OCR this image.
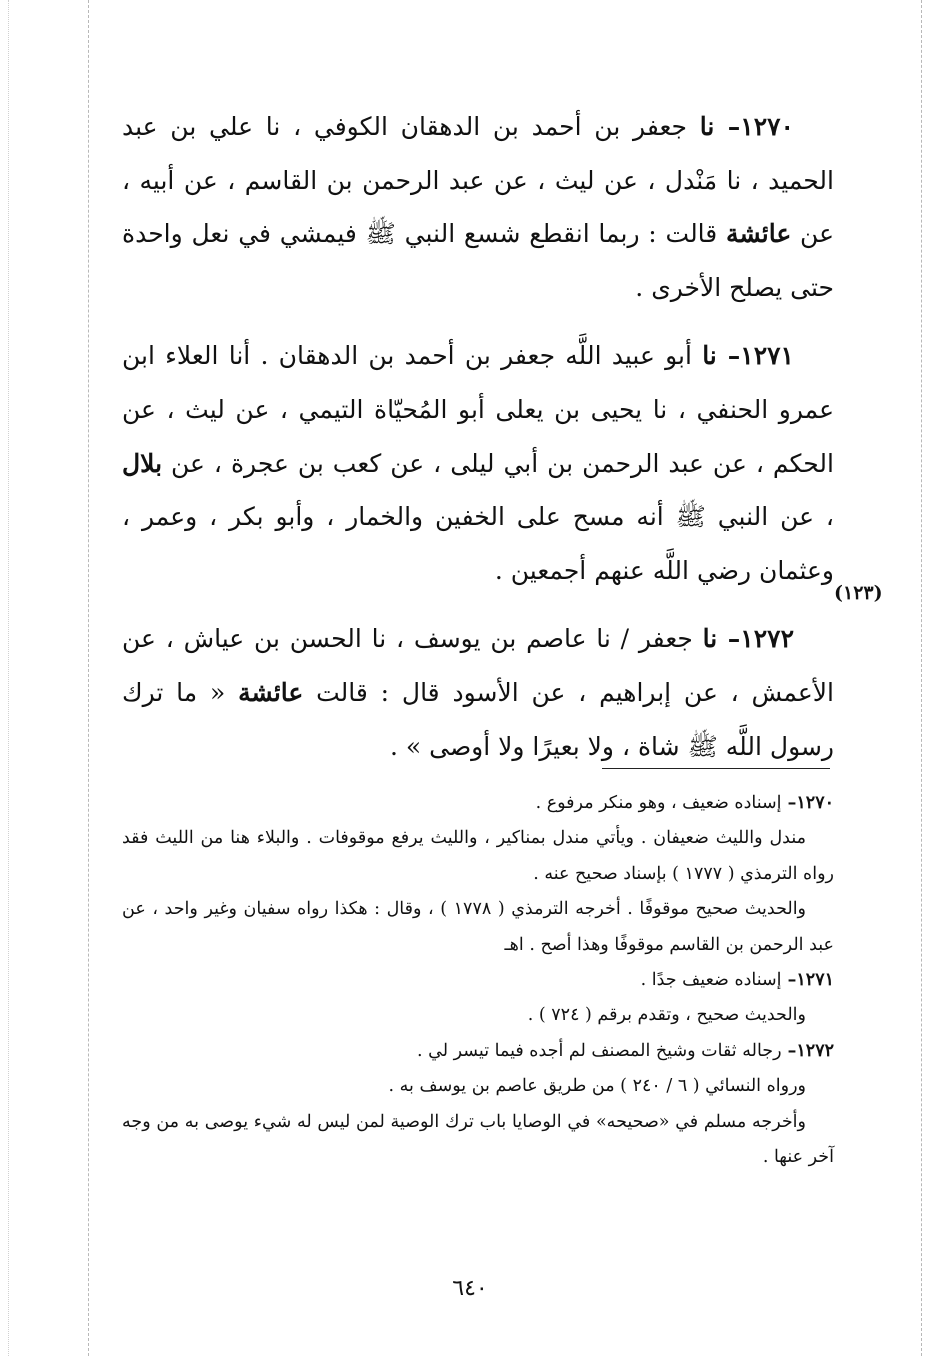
١٢٧٠– نا جعفر بن أحمد بن الدهقان الكوفي ، نا علي بن عبد الحميد ، نا مَنْدل ، عن ليث ، عن عبد الرحمن بن القاسم ، عن أبيه ، عن عائشة قالت : ربما انقطع شسع النبي ﷺ فيمشي في نعل واحدة حتى يصلح الأخرى .

١٢٧١– نا أبو عبيد اللَّه جعفر بن أحمد بن الدهقان . أنا العلاء ابن عمرو الحنفي ، نا يحيى بن يعلى أبو المُحيّاة التيمي ، عن ليث ، عن الحكم ، عن عبد الرحمن بن أبي ليلى ، عن كعب بن عجرة ، عن بلال ، عن النبي ﷺ أنه مسح على الخفين والخمار ، وأبو بكر ، وعمر ، وعثمان رضي اللَّه عنهم أجمعين .

١٢٧٢– نا جعفر / نا عاصم بن يوسف ، نا الحسن بن عياش ، عن الأعمش ، عن إبراهيم ، عن الأسود قال : قالت عائشة « ما ترك رسول اللَّه ﷺ شاة ، ولا بعيرًا ولا أوصى » .

(١٢٣)

١٢٧٠– إسناده ضعيف ، وهو منكر مرفوع .

مندل والليث ضعيفان . ويأتي مندل بمناكير ، والليث يرفع موقوفات . والبلاء هنا من الليث فقد رواه الترمذي ( ١٧٧٧ ) بإسناد صحيح عنه .

والحديث صحيح موقوفًا . أخرجه الترمذي ( ١٧٧٨ ) ، وقال : هكذا رواه سفيان وغير واحد ، عن عبد الرحمن بن القاسم موقوفًا وهذا أصح . اهـ

١٢٧١– إسناده ضعيف جدًا .

والحديث صحيح ، وتقدم برقم ( ٧٢٤ ) .

١٢٧٢– رجاله ثقات وشيخ المصنف لم أجده فيما تيسر لي .

ورواه النسائي ( ٦ / ٢٤٠ ) من طريق عاصم بن يوسف به .

وأخرجه مسلم في «صحيحه» في الوصايا باب ترك الوصية لمن ليس له شيء يوصى به من وجه آخر عنها .

٦٤٠
